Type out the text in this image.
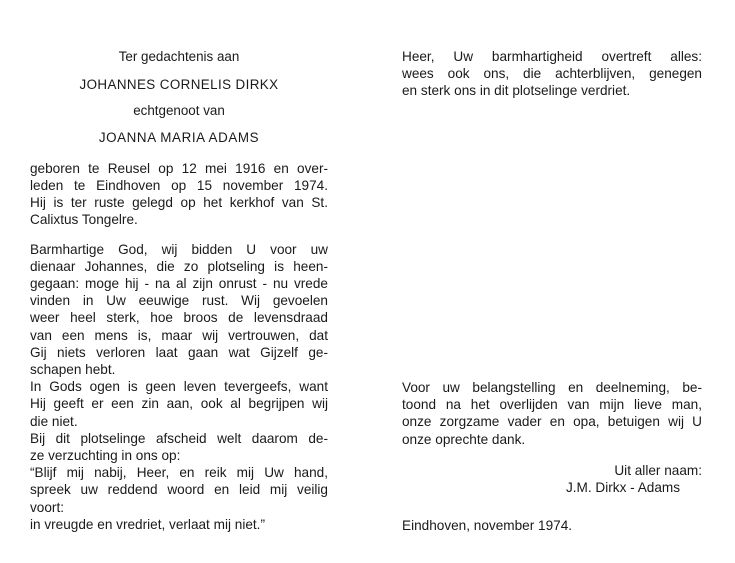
Ter gedachtenis aan

JOHANNES CORNELIS DIRKX

echtgenoot van

JOANNA MARIA ADAMS

geboren te Reusel op 12 mei 1916 en over-
leden te Eindhoven op 15 november 1974.
Hij is ter ruste gelegd op het kerkhof van St.
Calixtus Tongelre.

Barmhartige God, wij bidden U voor uw
dienaar Johannes, die zo plotseling is heen-
gegaan: moge hij - na al zijn onrust - nu vrede
vinden in Uw eeuwige rust. Wij gevoelen
weer heel sterk, hoe broos de levensdraad
van een mens is, maar wij vertrouwen, dat
Gij niets verloren laat gaan wat Gijzelf ge-
schapen hebt.

In Gods ogen is geen leven tevergeefs, want
Hij geeft er een zin aan, ook al begrijpen wij
die niet.

Bij dit plotselinge afscheid welt daarom de-
ze verzuchting in ons op:

“Blijf mij nabij, Heer, en reik mij Uw hand,
spreek uw reddend woord en leid mij veilig
voort:
in vreugde en vredriet, verlaat mij niet.”

Heer, Uw barmhartigheid overtreft alles:
wees ook ons, die achterblijven, genegen
en sterk ons in dit plotselinge verdriet.

Voor uw belangstelling en deelneming, be-
toond na het overlijden van mijn lieve man,
onze zorgzame vader en opa, betuigen wij U
onze oprechte dank.

Uit aller naam:

J.M. Dirkx - Adams

Eindhoven, november 1974.
